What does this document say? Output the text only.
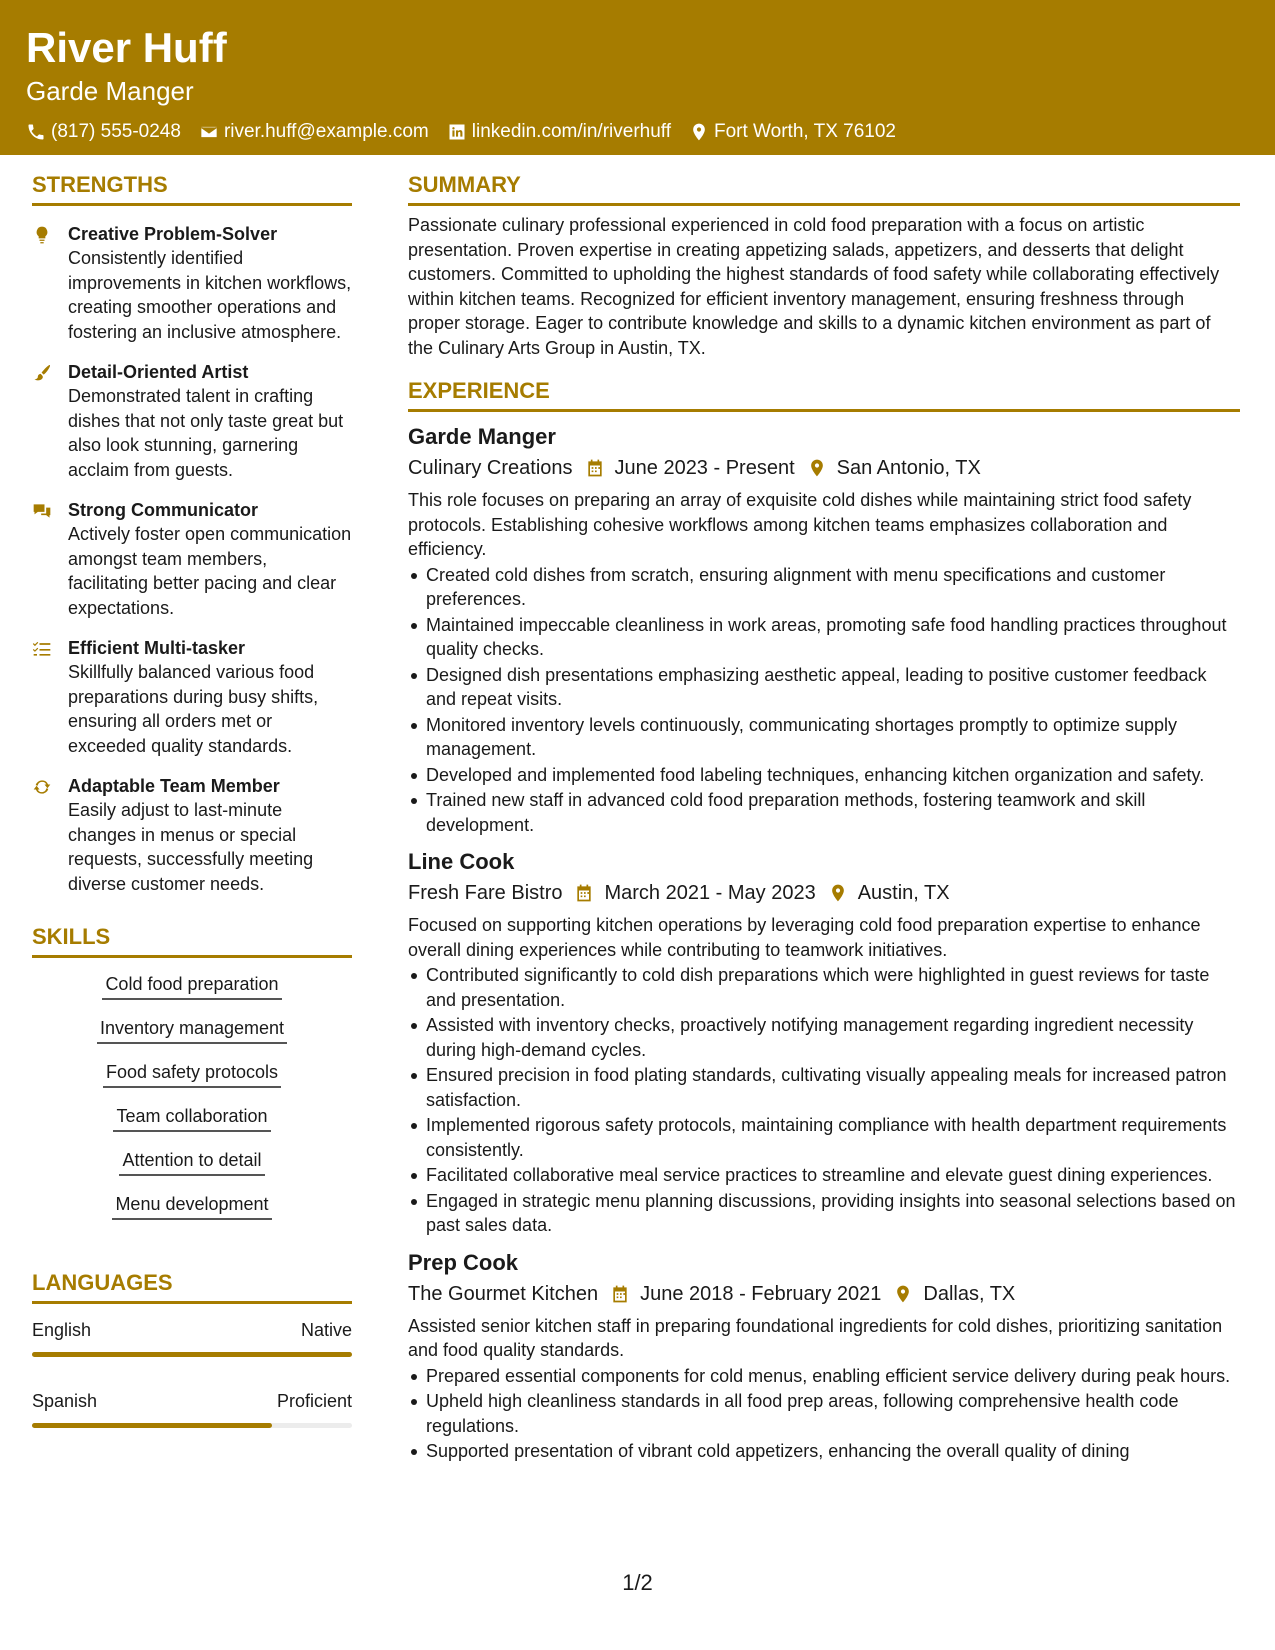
River Huff
Garde Manger
(817) 555-0248 river.huff@example.com linkedin.com/in/riverhuff Fort Worth, TX 76102
STRENGTHS
Creative Problem-Solver
Consistently identified improvements in kitchen workflows, creating smoother operations and fostering an inclusive atmosphere.
Detail-Oriented Artist
Demonstrated talent in crafting dishes that not only taste great but also look stunning, garnering acclaim from guests.
Strong Communicator
Actively foster open communication amongst team members, facilitating better pacing and clear expectations.
Efficient Multi-tasker
Skillfully balanced various food preparations during busy shifts, ensuring all orders met or exceeded quality standards.
Adaptable Team Member
Easily adjust to last-minute changes in menus or special requests, successfully meeting diverse customer needs.
SKILLS
Cold food preparation
Inventory management
Food safety protocols
Team collaboration
Attention to detail
Menu development
LANGUAGES
English	Native
Spanish	Proficient
SUMMARY
Passionate culinary professional experienced in cold food preparation with a focus on artistic presentation. Proven expertise in creating appetizing salads, appetizers, and desserts that delight customers. Committed to upholding the highest standards of food safety while collaborating effectively within kitchen teams. Recognized for efficient inventory management, ensuring freshness through proper storage. Eager to contribute knowledge and skills to a dynamic kitchen environment as part of the Culinary Arts Group in Austin, TX.
EXPERIENCE
Garde Manger
Culinary Creations June 2023 - Present San Antonio, TX
This role focuses on preparing an array of exquisite cold dishes while maintaining strict food safety protocols. Establishing cohesive workflows among kitchen teams emphasizes collaboration and efficiency.
Created cold dishes from scratch, ensuring alignment with menu specifications and customer preferences.
Maintained impeccable cleanliness in work areas, promoting safe food handling practices throughout quality checks.
Designed dish presentations emphasizing aesthetic appeal, leading to positive customer feedback and repeat visits.
Monitored inventory levels continuously, communicating shortages promptly to optimize supply management.
Developed and implemented food labeling techniques, enhancing kitchen organization and safety.
Trained new staff in advanced cold food preparation methods, fostering teamwork and skill development.
Line Cook
Fresh Fare Bistro March 2021 - May 2023 Austin, TX
Focused on supporting kitchen operations by leveraging cold food preparation expertise to enhance overall dining experiences while contributing to teamwork initiatives.
Contributed significantly to cold dish preparations which were highlighted in guest reviews for taste and presentation.
Assisted with inventory checks, proactively notifying management regarding ingredient necessity during high-demand cycles.
Ensured precision in food plating standards, cultivating visually appealing meals for increased patron satisfaction.
Implemented rigorous safety protocols, maintaining compliance with health department requirements consistently.
Facilitated collaborative meal service practices to streamline and elevate guest dining experiences.
Engaged in strategic menu planning discussions, providing insights into seasonal selections based on past sales data.
Prep Cook
The Gourmet Kitchen June 2018 - February 2021 Dallas, TX
Assisted senior kitchen staff in preparing foundational ingredients for cold dishes, prioritizing sanitation and food quality standards.
Prepared essential components for cold menus, enabling efficient service delivery during peak hours.
Upheld high cleanliness standards in all food prep areas, following comprehensive health code regulations.
Supported presentation of vibrant cold appetizers, enhancing the overall quality of dining
1/2
